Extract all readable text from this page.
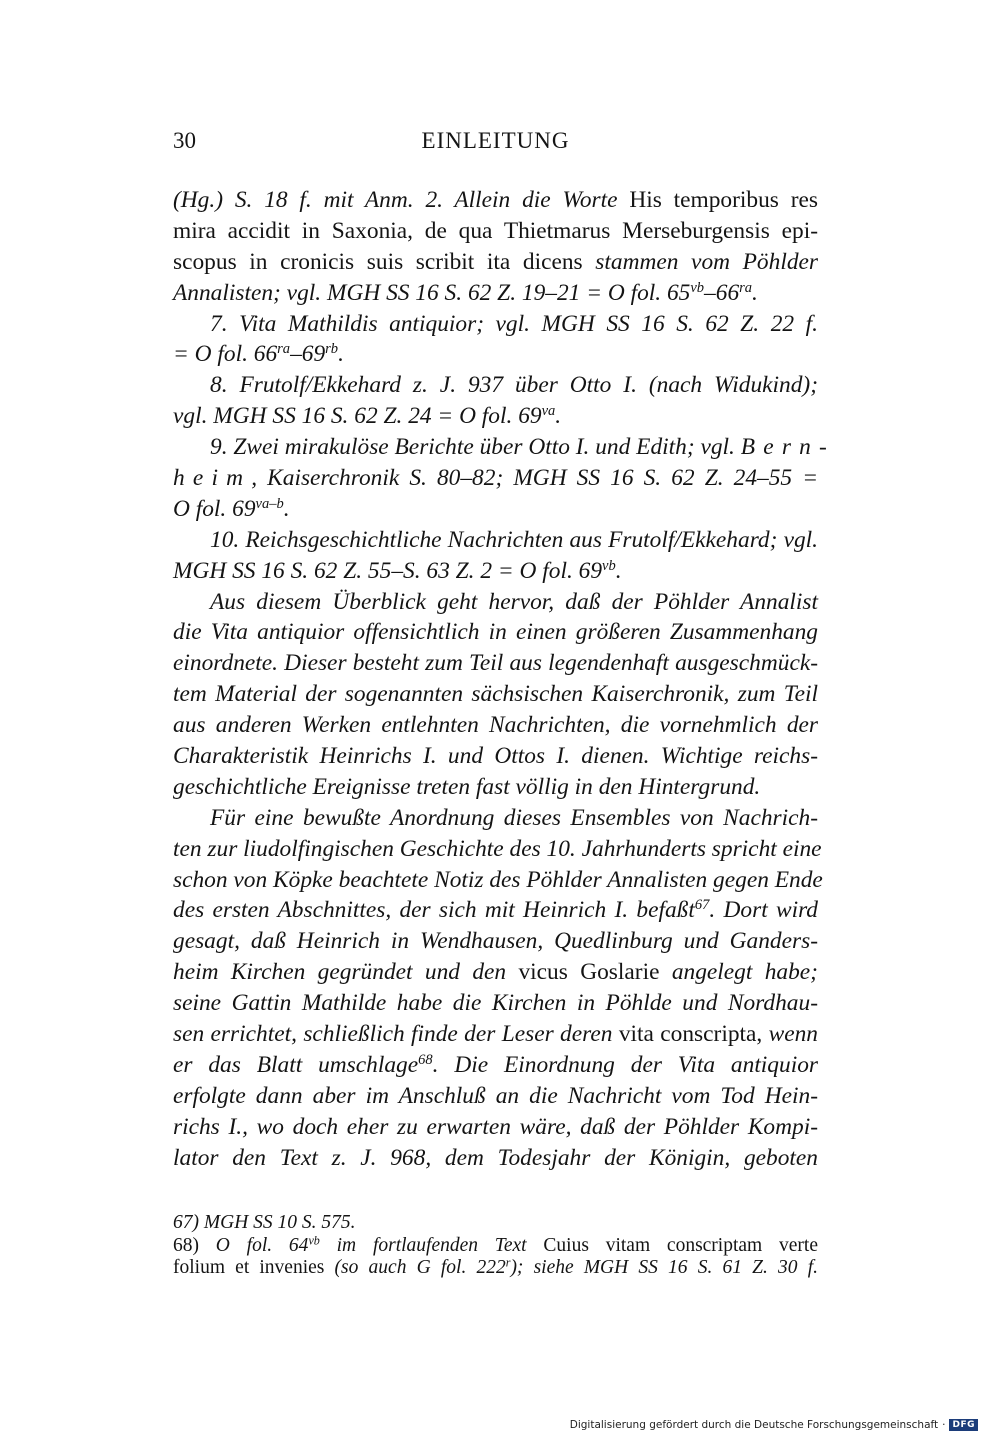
30	EINLEITUNG
(Hg.) S. 18 f. mit Anm. 2. Allein die Worte His temporibus res
mira accidit in Saxonia, de qua Thietmarus Merseburgensis epi-
scopus in cronicis suis scribit ita dicens stammen vom Pöhlder
Annalisten; vgl. MGH SS 16 S. 62 Z. 19–21 = O fol. $65^{vb}-66^{ra}$.
7. Vita Mathildis antiquior; vgl. MGH SS 16 S. 62 Z. 22 f.
= O fol. $66^{ra}-69^{rb}$.
8. Frutolf/Ekkehard z. J. 937 über Otto I. (nach Widukind);
vgl. MGH SS 16 S. 62 Z. 24 = O fol. $69^{va}$.
9. Zwei mirakulöse Berichte über Otto I. und Edith; vgl. Bern-
heim, Kaiserchronik S. 80–82; MGH SS 16 S. 62 Z. 24–55 =
O fol. $69^{va-b}$.
10. Reichsgeschichtliche Nachrichten aus Frutolf/Ekkehard; vgl.
MGH SS 16 S. 62 Z. 55–S. 63 Z. 2 = O fol. $69^{vb}$.
Aus diesem Überblick geht hervor, daß der Pöhlder Annalist
die Vita antiquior offensichtlich in einen größeren Zusammenhang
einordnete. Dieser besteht zum Teil aus legendenhaft ausgeschmück-
tem Material der sogenannten sächsischen Kaiserchronik, zum Teil
aus anderen Werken entlehnten Nachrichten, die vornehmlich der
Charakteristik Heinrichs I. und Ottos I. dienen. Wichtige reichs-
geschichtliche Ereignisse treten fast völlig in den Hintergrund.
Für eine bewußte Anordnung dieses Ensembles von Nachrich-
ten zur liudolfingischen Geschichte des 10. Jahrhunderts spricht eine
schon von Köpke beachtete Notiz des Pöhlder Annalisten gegen Ende
des ersten Abschnittes, der sich mit Heinrich I. befaßt$^{67}$. Dort wird
gesagt, daß Heinrich in Wendhausen, Quedlinburg und Ganders-
heim Kirchen gegründet und den vicus Goslarie angelegt habe;
seine Gattin Mathilde habe die Kirchen in Pöhlde und Nordhau-
sen errichtet, schließlich finde der Leser deren vita conscripta, wenn
er das Blatt umschlage$^{68}$. Die Einordnung der Vita antiquior
erfolgte dann aber im Anschluß an die Nachricht vom Tod Hein-
richs I., wo doch eher zu erwarten wäre, daß der Pöhlder Kompi-
lator den Text z. J. 968, dem Todesjahr der Königin, geboten
67) MGH SS 10 S. 575.
68) O fol. $64^{vb}$ im fortlaufenden Text Cuius vitam conscriptam verte
folium et invenies (so auch G fol. 222$^r$); siehe MGH SS 16 S. 61 Z. 30 f.
Digitalisierung gefördert durch die Deutsche Forschungsgemeinschaft · DFG
